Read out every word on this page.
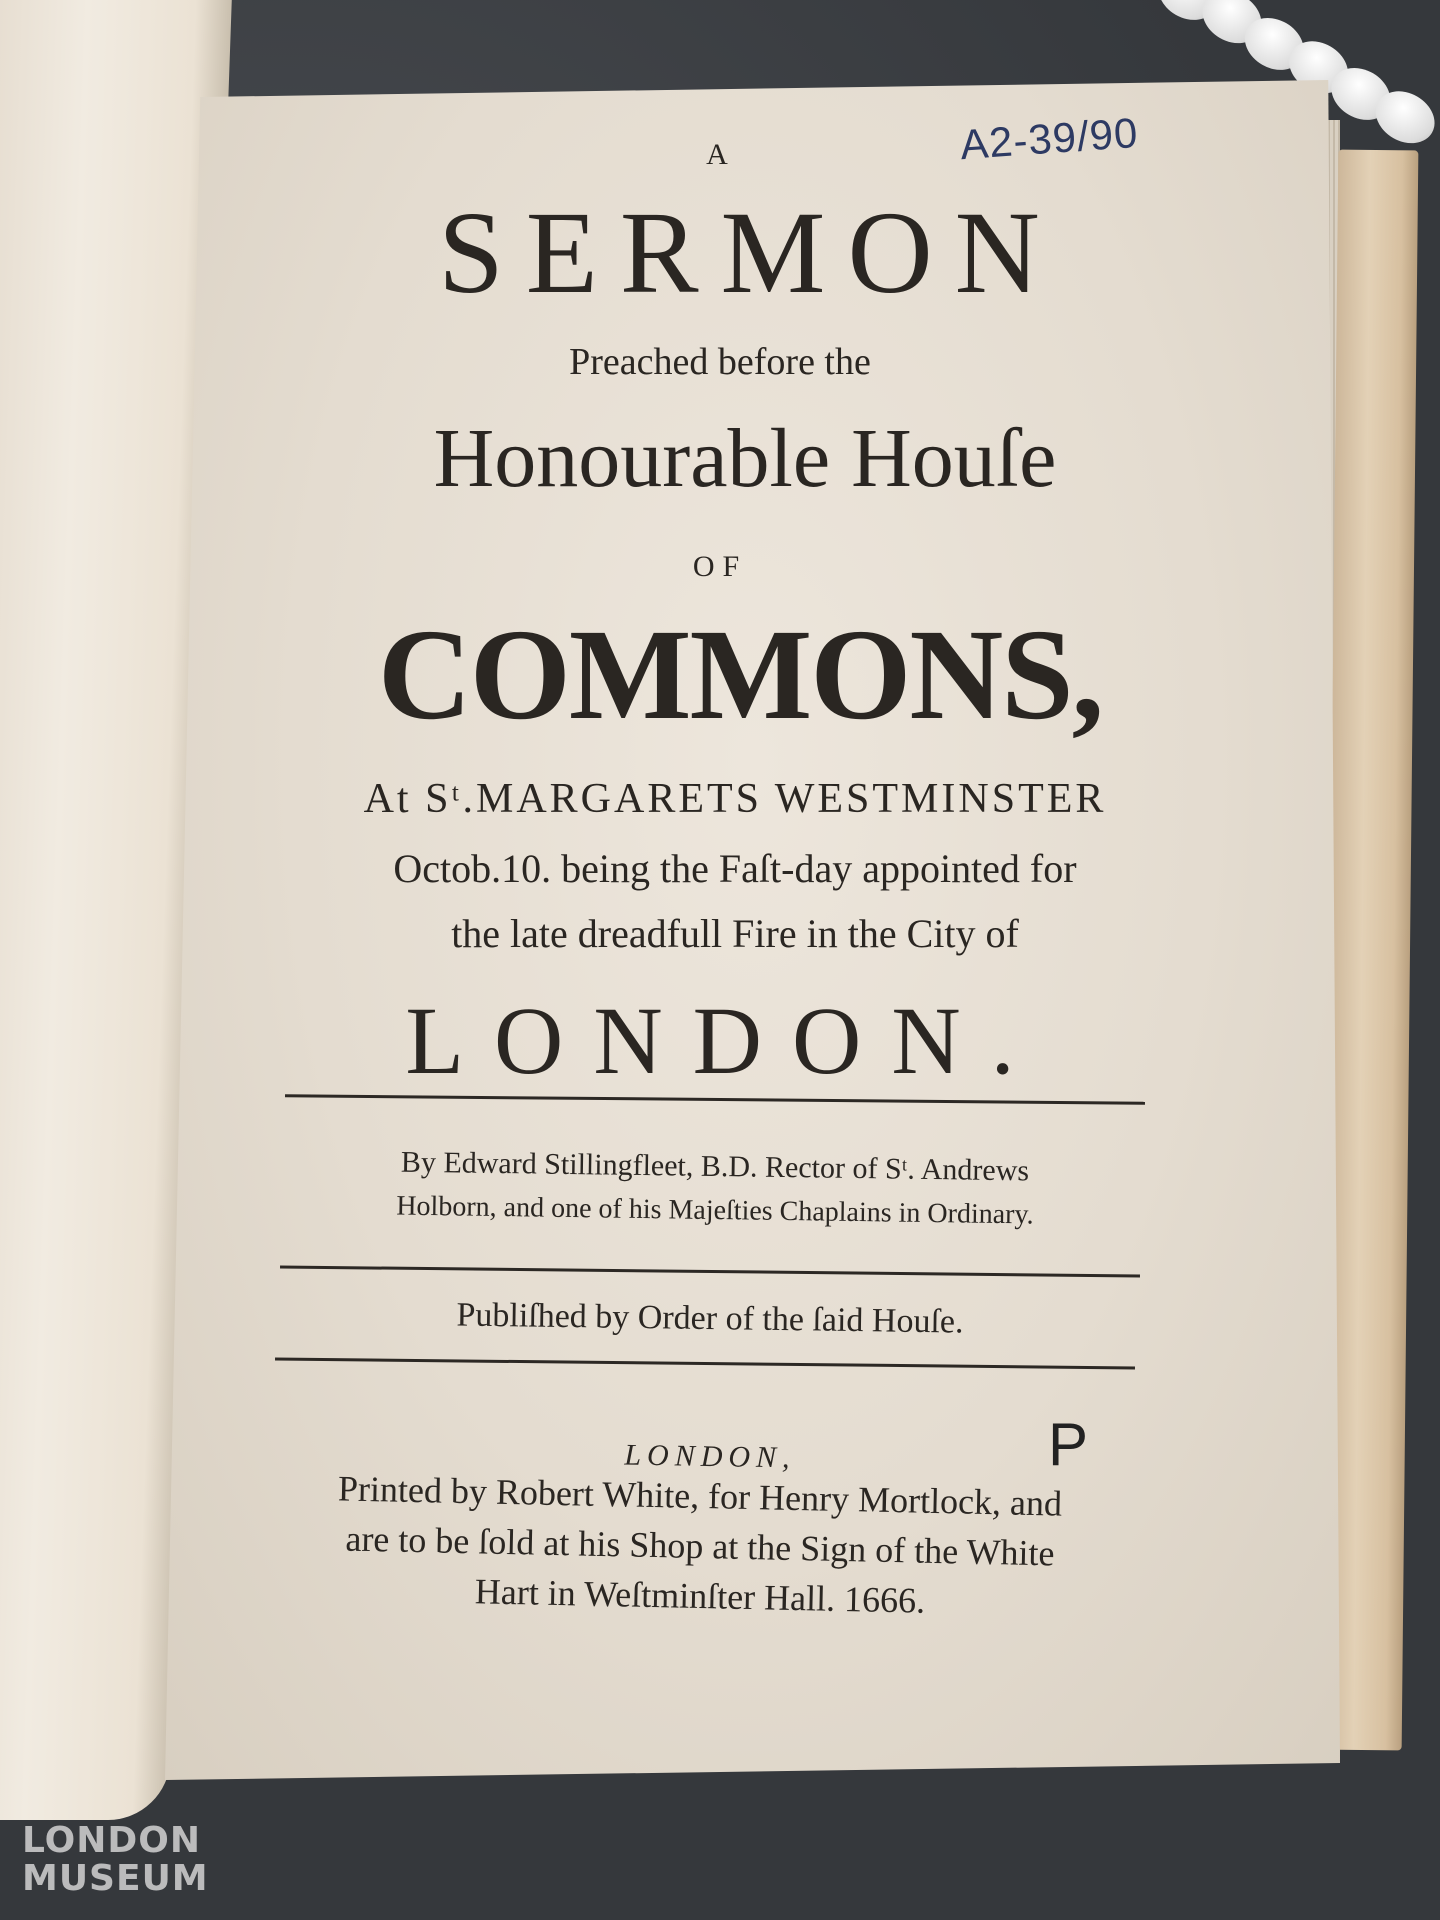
A2-39/90
A
SERMON
Preached before the
Honourable Houſe
OF
COMMONS,
At Sᵗ.MARGARETS WESTMINSTER
Octob.10. being the Faſt-day appointed for
the late dreadfull Fire in the City of
LONDON.
By Edward Stillingfleet, B.D. Rector of Sᵗ. Andrews
Holborn, and one of his Majeſties Chaplains in Ordinary.
Publiſhed by Order of the ſaid Houſe.
LONDON,
Printed by Robert White, for Henry Mortlock, and
are to be ſold at his Shop at the Sign of the White
Hart in Weſtminſter Hall. 1666.
P
LONDON
MUSEUM
